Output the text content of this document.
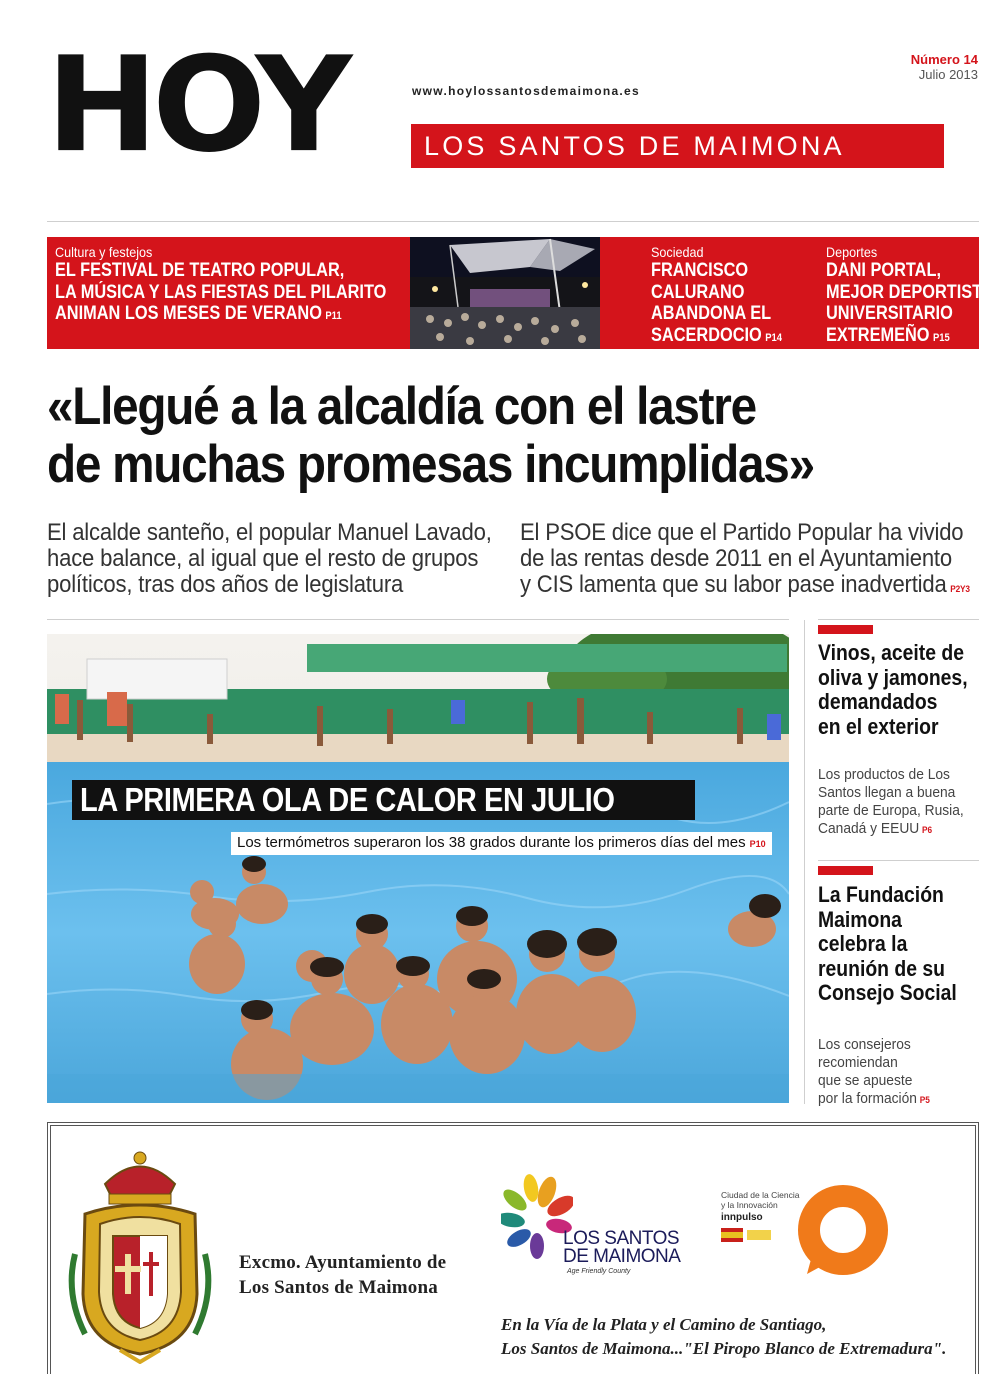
HOY	Número 14
Julio 2013
www.hoylossantosdemaimona.es
LOS SANTOS DE MAIMONA
Cultura y festejos
EL FESTIVAL DE TEATRO POPULAR,
LA MÚSICA Y LAS FIESTAS DEL PILARITO
ANIMAN LOS MESES DE VERANO P11
Sociedad
FRANCISCO
CALURANO
ABANDONA EL
SACERDOCIO P14
Deportes
DANI PORTAL,
MEJOR DEPORTISTA
UNIVERSITARIO
EXTREMEÑO P15
«Llegué a la alcaldía con el lastre
de muchas promesas incumplidas»
El alcalde santeño, el popular Manuel Lavado,
hace balance, al igual que el resto de grupos
políticos, tras dos años de legislatura
El PSOE dice que el Partido Popular ha vivido
de las rentas desde 2011 en el Ayuntamiento
y CIS lamenta que su labor pase inadvertida P2Y3
LA PRIMERA OLA DE CALOR EN JULIO
Los termómetros superaron los 38 grados durante los primeros días del mes P10
Vinos, aceite de
oliva y jamones,
demandados
en el exterior
Los productos de Los
Santos llegan a buena
parte de Europa, Rusia,
Canadá y EEUU P6
La Fundación
Maimona
celebra la
reunión de su
Consejo Social
Los consejeros
recomiendan
que se apueste
por la formación P5
Excmo. Ayuntamiento de
Los Santos de Maimona
LOS SANTOS
DE MAIMONA
Age Friendly County
Ciudad de la Ciencia
y la Innovación
innpulso
En la Vía de la Plata y el Camino de Santiago,
Los Santos de Maimona..."El Piropo Blanco de Extremadura".
